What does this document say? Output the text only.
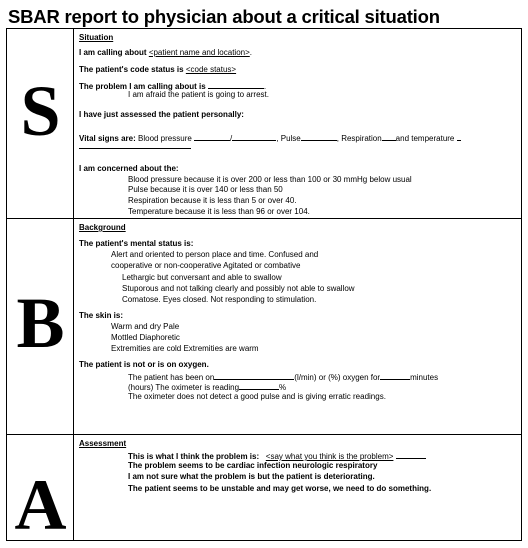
SBAR report to physician about a critical situation
S
Situation
I am calling about <patient name and location>.
The patient's code status is <code status>
The problem I am calling about is	.
I am afraid the patient is going to arrest.
I have just assessed the patient personally:
Vital signs are: Blood pressure	/	, Pulse	, Respiration and temperature
I am concerned about the:
Blood pressure because it is over 200 or less than 100 or 30 mmHg below usual
Pulse because it is over 140 or less than 50
Respiration because it is less than 5 or over 40.
Temperature because it is less than 96 or over 104.
B
Background
The patient's mental status is:
Alert and oriented to person place and time. Confused and
cooperative or non-cooperative Agitated or combative
Lethargic but conversant and able to swallow
Stuporous and not talking clearly and possibly not able to swallow
Comatose. Eyes closed. Not responding to stimulation.
The skin is:
Warm and dry Pale
Mottled Diaphoretic
Extremities are cold Extremities are warm
The patient is not or is on oxygen.
The patient has been on	(l/min) or (%) oxygen for	minutes
(hours) The oximeter is reading	%
The oximeter does not detect a good pulse and is giving erratic readings.
A
Assessment
This is what I think the problem is: <say what you think is the problem>
The problem seems to be cardiac infection neurologic respiratory
I am not sure what the problem is but the patient is deteriorating.
The patient seems to be unstable and may get worse, we need to do something.
